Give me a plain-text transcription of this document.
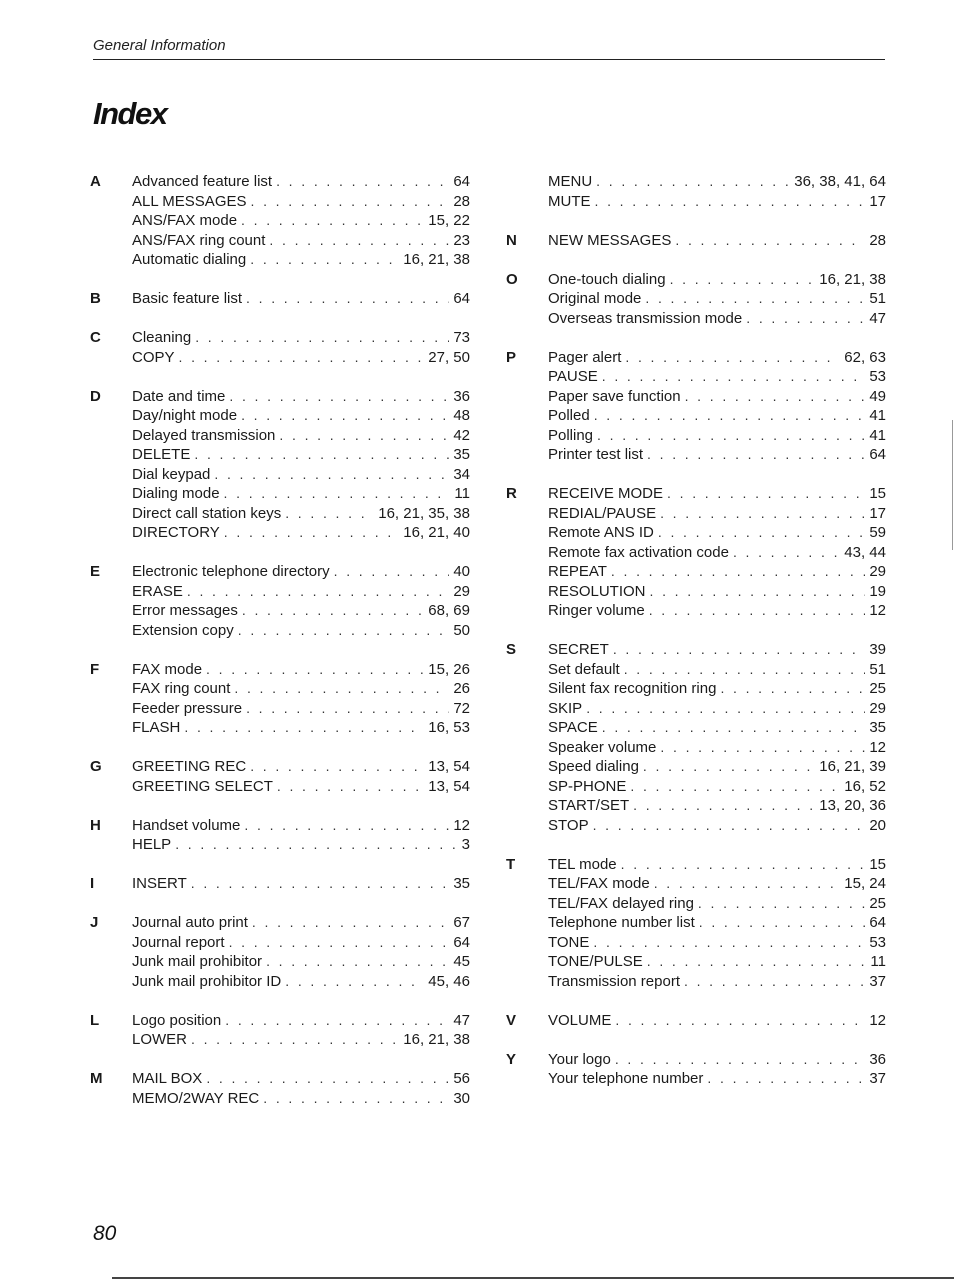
General Information
Index
A	Advanced feature list . . .	64
ALL MESSAGES . . .	28
ANS/FAX mode . . .	15, 22
ANS/FAX ring count . . .	23
Automatic dialing . . .	16, 21, 38
B	Basic feature list . . .	64
C	Cleaning . . .	73
COPY . . .	27, 50
D	Date and time . . .	36
Day/night mode . . .	48
Delayed transmission . . .	42
DELETE . . .	35
Dial keypad . . .	34
Dialing mode . . .	11
Direct call station keys . . .	16, 21, 35, 38
DIRECTORY . . .	16, 21, 40
E	Electronic telephone directory . . .	40
ERASE . . .	29
Error messages . . .	68, 69
Extension copy . . .	50
F	FAX mode . . .	15, 26
FAX ring count . . .	26
Feeder pressure . . .	72
FLASH . . .	16, 53
G	GREETING REC . . .	13, 54
GREETING SELECT . . .	13, 54
H	Handset volume . . .	12
HELP . . .	3
I	INSERT . . .	35
J	Journal auto print . . .	67
Journal report . . .	64
Junk mail prohibitor . . .	45
Junk mail prohibitor ID . . .	45, 46
L	Logo position . . .	47
LOWER . . .	16, 21, 38
M	MAIL BOX . . .	56
MEMO/2WAY REC . . .	30
MENU . . .	36, 38, 41, 64
MUTE . . .	17
N	NEW MESSAGES . . .	28
O	One-touch dialing . . .	16, 21, 38
Original mode . . .	51
Overseas transmission mode . . .	47
P	Pager alert . . .	62, 63
PAUSE . . .	53
Paper save function . . .	49
Polled . . .	41
Polling . . .	41
Printer test list . . .	64
R	RECEIVE MODE . . .	15
REDIAL/PAUSE . . .	17
Remote ANS ID . . .	59
Remote fax activation code . . .	43, 44
REPEAT . . .	29
RESOLUTION . . .	19
Ringer volume . . .	12
S	SECRET . . .	39
Set default . . .	51
Silent fax recognition ring . . .	25
SKIP . . .	29
SPACE . . .	35
Speaker volume . . .	12
Speed dialing . . .	16, 21, 39
SP-PHONE . . .	16, 52
START/SET . . .	13, 20, 36
STOP . . .	20
T	TEL mode . . .	15
TEL/FAX mode . . .	15, 24
TEL/FAX delayed ring . . .	25
Telephone number list . . .	64
TONE . . .	53
TONE/PULSE . . .	11
Transmission report . . .	37
V	VOLUME . . .	12
Y	Your logo . . .	36
Your telephone number . . .	37
80
